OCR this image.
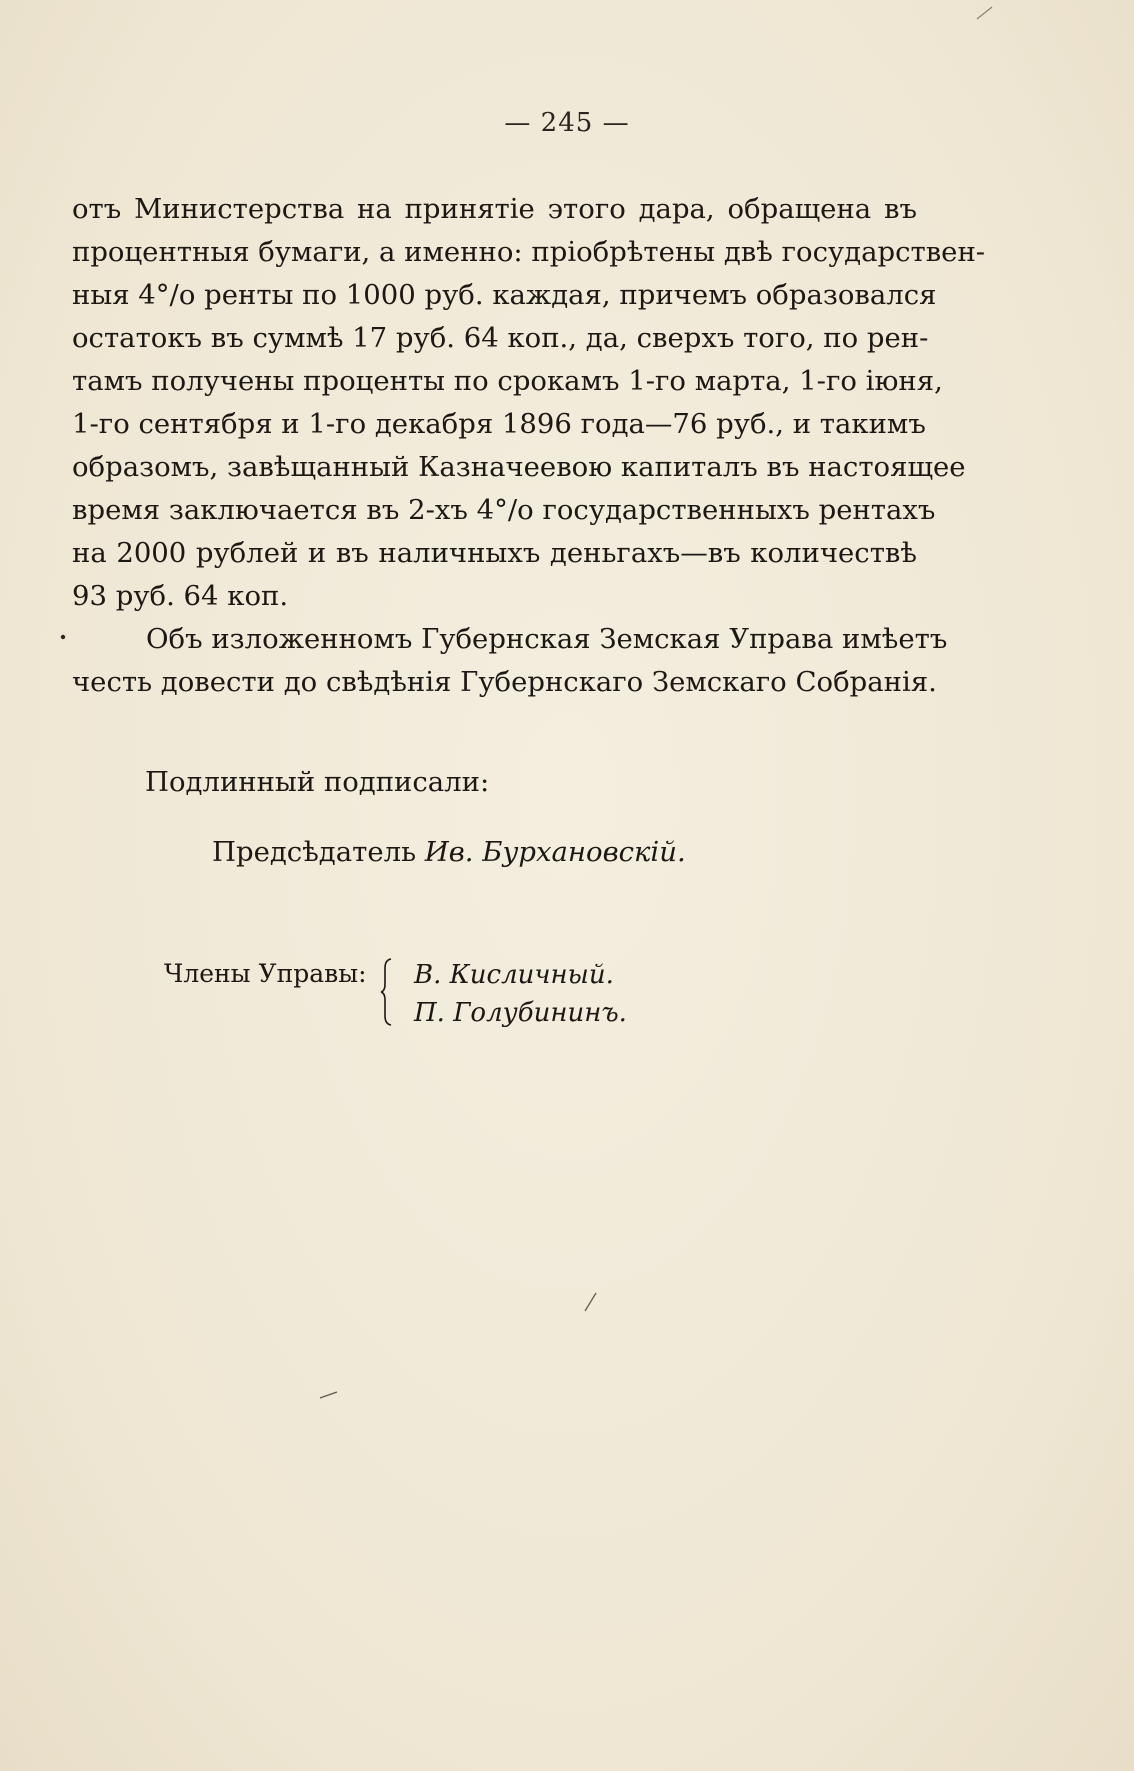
— 245 —
отъ Министерства на принятіе этого дара, обращена въ
процентныя бумаги, а именно: пріобрѣтены двѣ государствен-
ныя 4°/о ренты по 1000 руб. каждая, причемъ образовался
остатокъ въ суммѣ 17 руб. 64 коп., да, сверхъ того, по рен-
тамъ получены проценты по срокамъ 1-го марта, 1-го іюня,
1-го сентября и 1-го декабря 1896 года—76 руб., и такимъ
образомъ, завѣщанный Казначеевою капиталъ въ настоящее
время заключается въ 2-хъ 4°/о государственныхъ рентахъ
на 2000 рублей и въ наличныхъ деньгахъ—въ количествѣ
93 руб. 64 коп.
Объ изложенномъ Губернская Земская Управа имѣетъ
честь довести до свѣдѣнія Губернскаго Земскаго Собранія.
Подлинный подписали:
Предсѣдатель Ив. Бурхановскій.
Члены Управы: В. Кисличный.
П. Голубининъ.
